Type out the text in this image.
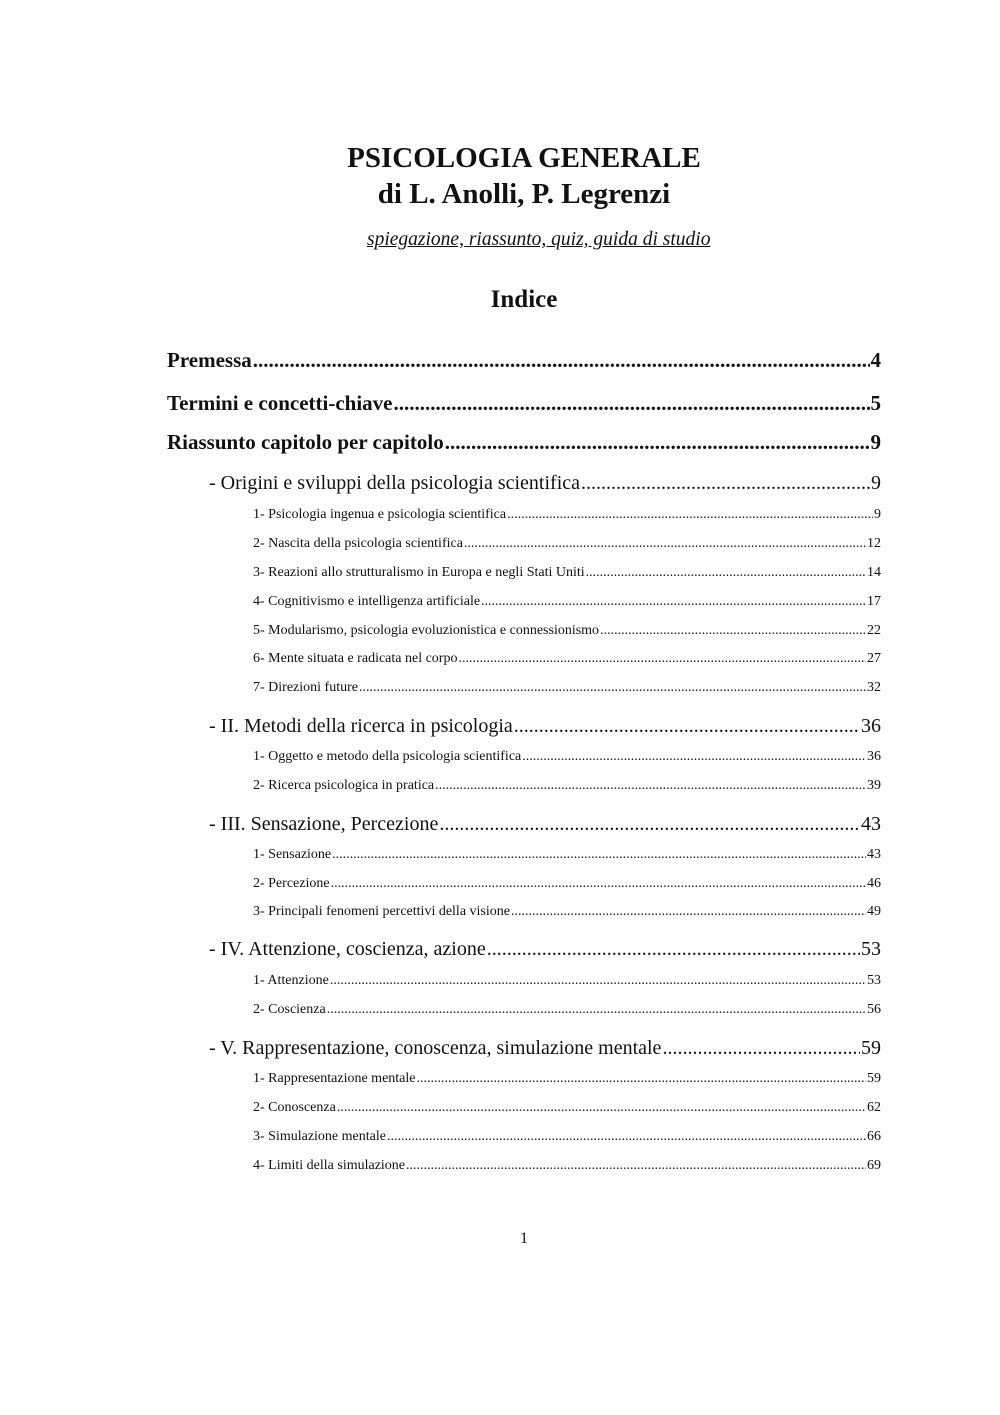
PSICOLOGIA GENERALE
di L. Anolli, P. Legrenzi
spiegazione, riassunto, quiz, guida di studio
Indice
Premessa .....	4
Termini e concetti-chiave .....	5
Riassunto capitolo per capitolo .....	9
- Origini e sviluppi della psicologia scientifica .....	9
1- Psicologia ingenua e psicologia scientifica .....	9
2- Nascita della psicologia scientifica .....	12
3- Reazioni allo strutturalismo in Europa e negli Stati Uniti .....	14
4- Cognitivismo e intelligenza artificiale .....	17
5- Modularismo, psicologia evoluzionistica e connessionismo .....	22
6- Mente situata e radicata nel corpo .....	27
7- Direzioni future .....	32
- II. Metodi della ricerca in psicologia .....	36
1- Oggetto e metodo della psicologia scientifica .....	36
2- Ricerca psicologica in pratica .....	39
- III. Sensazione, Percezione .....	43
1- Sensazione .....	43
2- Percezione .....	46
3- Principali fenomeni percettivi della visione .....	49
- IV. Attenzione, coscienza, azione .....	53
1- Attenzione .....	53
2- Coscienza .....	56
- V. Rappresentazione, conoscenza, simulazione mentale .....	59
1- Rappresentazione mentale .....	59
2- Conoscenza .....	62
3- Simulazione mentale .....	66
4- Limiti della simulazione .....	69
1
